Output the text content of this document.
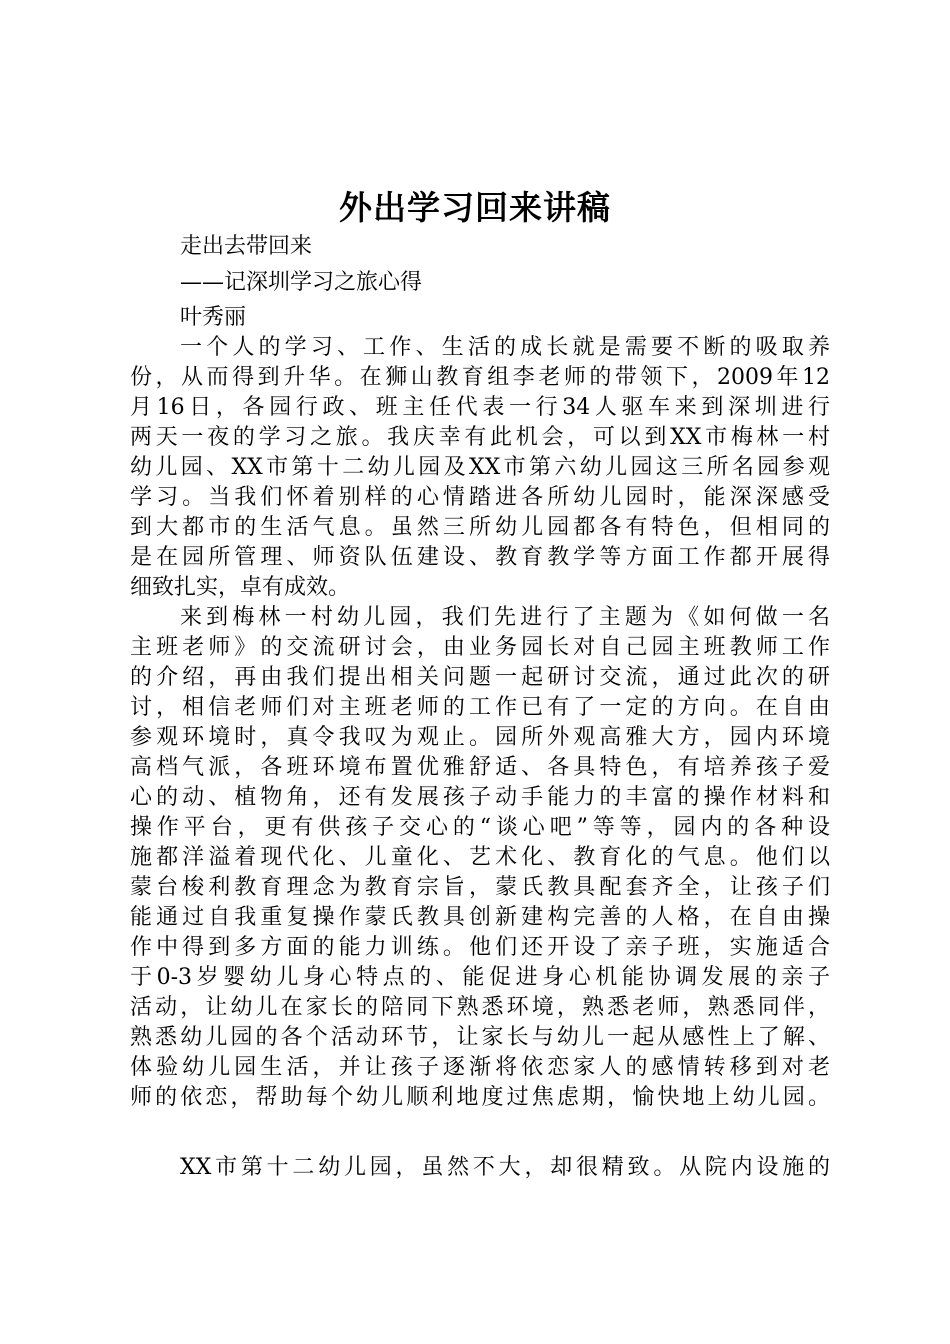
外出学习回来讲稿
走出去带回来
——记深圳学习之旅心得
叶秀丽
一个人的学习、工作、生活的成长就是需要不断的吸取养
份，从而得到升华。在狮山教育组李老师的带领下，2009年12
月16日，各园行政、班主任代表一行34人驱车来到深圳进行
两天一夜的学习之旅。我庆幸有此机会，可以到XX市梅林一村
幼儿园、XX市第十二幼儿园及XX市第六幼儿园这三所名园参观
学习。当我们怀着别样的心情踏进各所幼儿园时，能深深感受
到大都市的生活气息。虽然三所幼儿园都各有特色，但相同的
是在园所管理、师资队伍建设、教育教学等方面工作都开展得
细致扎实，卓有成效。
来到梅林一村幼儿园，我们先进行了主题为《如何做一名
主班老师》的交流研讨会，由业务园长对自己园主班教师工作
的介绍，再由我们提出相关问题一起研讨交流，通过此次的研
讨，相信老师们对主班老师的工作已有了一定的方向。在自由
参观环境时，真令我叹为观止。园所外观高雅大方，园内环境
高档气派，各班环境布置优雅舒适、各具特色，有培养孩子爱
心的动、植物角，还有发展孩子动手能力的丰富的操作材料和
操作平台，更有供孩子交心的“谈心吧”等等，园内的各种设
施都洋溢着现代化、儿童化、艺术化、教育化的气息。他们以
蒙台梭利教育理念为教育宗旨，蒙氏教具配套齐全，让孩子们
能通过自我重复操作蒙氏教具创新建构完善的人格，在自由操
作中得到多方面的能力训练。他们还开设了亲子班，实施适合
于0-3岁婴幼儿身心特点的、能促进身心机能协调发展的亲子
活动，让幼儿在家长的陪同下熟悉环境，熟悉老师，熟悉同伴，
熟悉幼儿园的各个活动环节，让家长与幼儿一起从感性上了解、
体验幼儿园生活，并让孩子逐渐将依恋家人的感情转移到对老
师的依恋，帮助每个幼儿顺利地度过焦虑期，愉快地上幼儿园。
XX市第十二幼儿园，虽然不大，却很精致。从院内设施的
